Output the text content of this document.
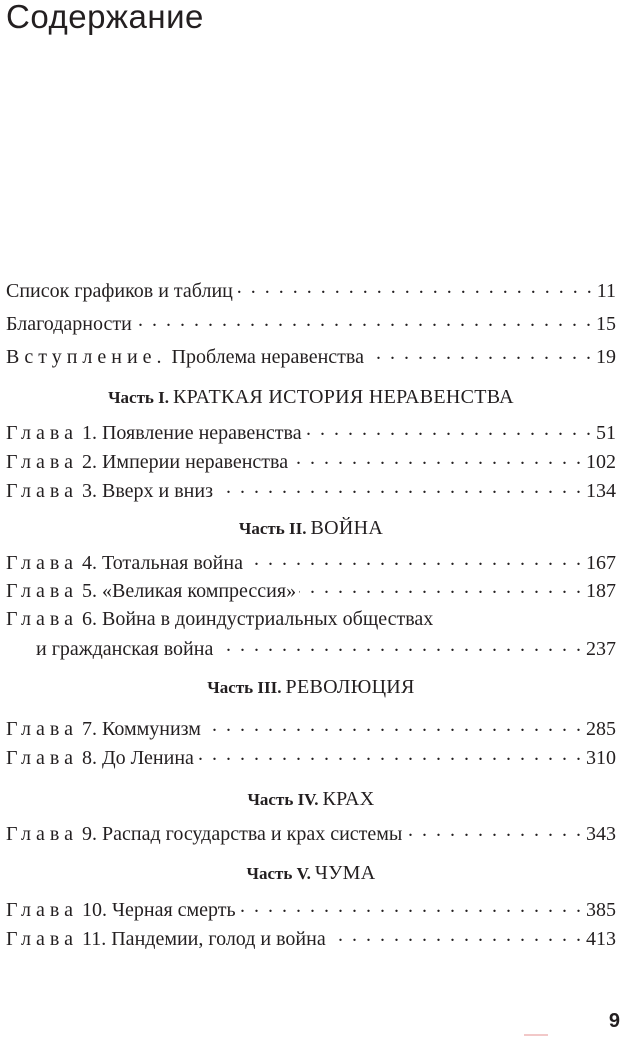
Содержание
Список графиков и таблиц . . .	11
Благодарности . . .	15
Вступление. Проблема неравенства . . .	19
Часть I. КРАТКАЯ ИСТОРИЯ НЕРАВЕНСТВА
Глава 1. Появление неравенства . . .	51
Глава 2. Империи неравенства . . .	102
Глава 3. Вверх и вниз . . .	134
Часть II. ВОЙНА
Глава 4. Тотальная война . . .	167
Глава 5. «Великая компрессия» . . .	187
Глава 6. Война в доиндустриальных обществах
и гражданская война . . .	237
Часть III. РЕВОЛЮЦИЯ
Глава 7. Коммунизм . . .	285
Глава 8. До Ленина . . .	310
Часть IV. КРАХ
Глава 9. Распад государства и крах системы . . .	343
Часть V. ЧУМА
Глава 10. Черная смерть . . .	385
Глава 11. Пандемии, голод и война . . .	413
9
